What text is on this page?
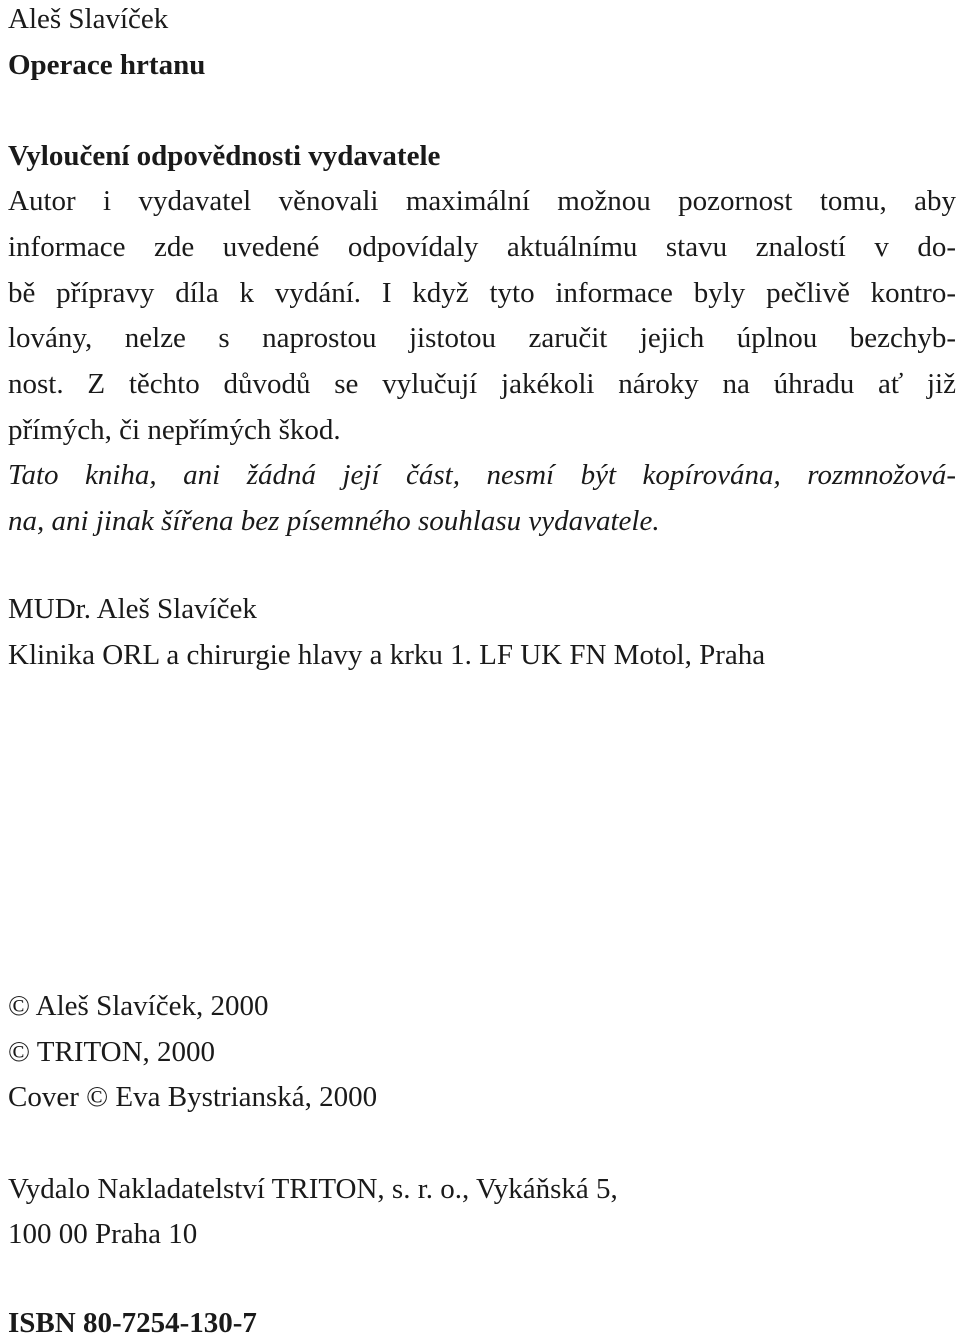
Aleš Slavíček

Operace hrtanu

Vyloučení odpovědnosti vydavatele

Autor i vydavatel věnovali maximální možnou pozornost tomu, aby

informace zde uvedené odpovídaly aktuálnímu stavu znalostí v do-

bě přípravy díla k vydání. I když tyto informace byly pečlivě kontro-

lovány, nelze s naprostou jistotou zaručit jejich úplnou bezchyb-

nost. Z těchto důvodů se vylučují jakékoli nároky na úhradu ať již

přímých, či nepřímých škod.

Tato kniha, ani žádná její část, nesmí být kopírována, rozmnožová-

na, ani jinak šířena bez písemného souhlasu vydavatele.

MUDr. Aleš Slavíček

Klinika ORL a chirurgie hlavy a krku 1. LF UK FN Motol, Praha

© Aleš Slavíček, 2000

© TRITON, 2000

Cover © Eva Bystrianská, 2000

Vydalo Nakladatelství TRITON, s. r. o., Vykáňská 5,

100 00 Praha 10

ISBN 80-7254-130-7
